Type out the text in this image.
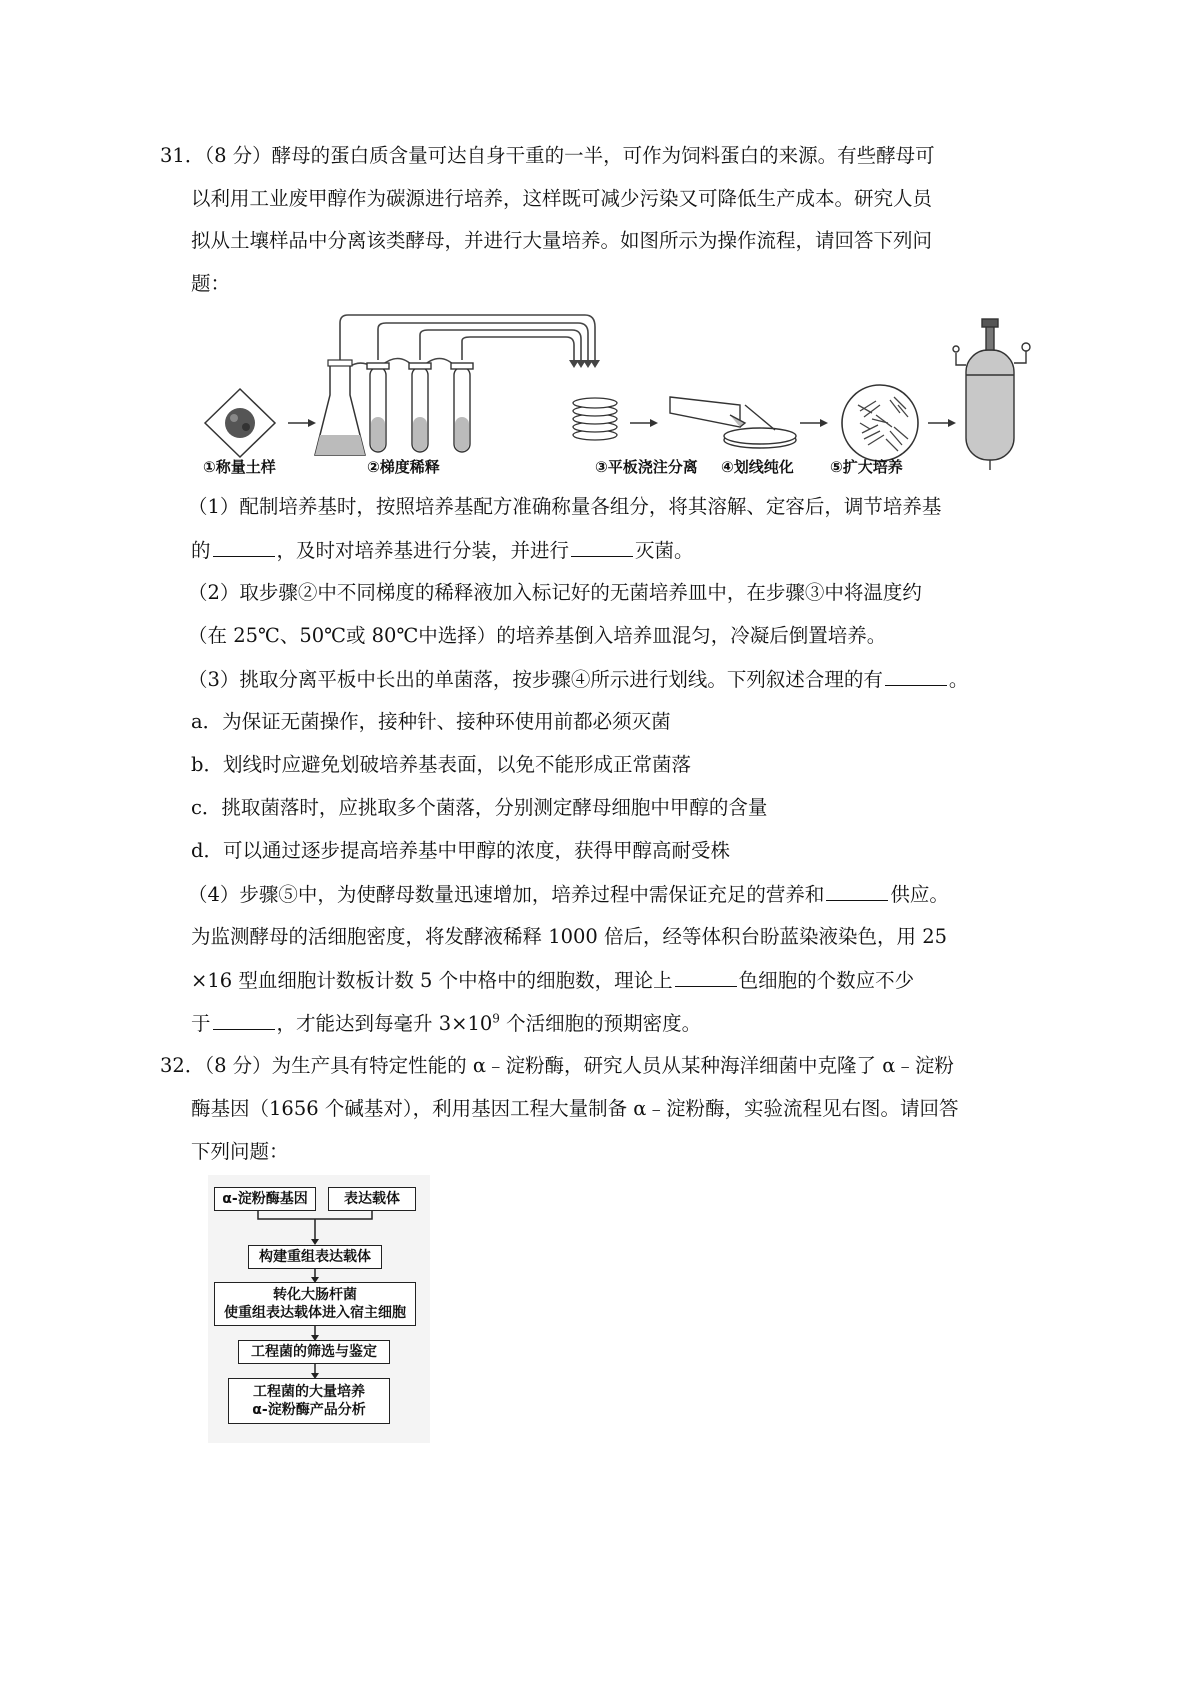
31．（8 分）酵母的蛋白质含量可达自身干重的一半，可作为饲料蛋白的来源。有些酵母可
以利用工业废甲醇作为碳源进行培养，这样既可减少污染又可降低生产成本。研究人员
拟从土壤样品中分离该类酵母，并进行大量培养。如图所示为操作流程，请回答下列问
题：
①称量土样	②梯度稀释	③平板浇注分离 ④划线纯化 ⑤扩大培养
（1）配制培养基时，按照培养基配方准确称量各组分，将其溶解、定容后，调节培养基
的	，及时对培养基进行分装，并进行	灭菌。
（2）取步骤②中不同梯度的稀释液加入标记好的无菌培养皿中，在步骤③中将温度约
（在 25℃、50℃或 80℃中选择）的培养基倒入培养皿混匀，冷凝后倒置培养。
（3）挑取分离平板中长出的单菌落，按步骤④所示进行划线。下列叙述合理的有	。
a．为保证无菌操作，接种针、接种环使用前都必须灭菌
b．划线时应避免划破培养基表面，以免不能形成正常菌落
c．挑取菌落时，应挑取多个菌落，分别测定酵母细胞中甲醇的含量
d．可以通过逐步提高培养基中甲醇的浓度，获得甲醇高耐受株
（4）步骤⑤中，为使酵母数量迅速增加，培养过程中需保证充足的营养和	供应。
为监测酵母的活细胞密度，将发酵液稀释 1000 倍后，经等体积台盼蓝染液染色，用 25
×16 型血细胞计数板计数 5 个中格中的细胞数，理论上	色细胞的个数应不少
于	，才能达到每毫升 $3\times 10^9$ 个活细胞的预期密度。
32．（8 分）为生产具有特定性能的 α﹣淀粉酶，研究人员从某种海洋细菌中克隆了 α﹣淀粉
酶基因（1656 个碱基对），利用基因工程大量制备 α﹣淀粉酶，实验流程见右图。请回答
下列问题：
α-淀粉酶基因	表达载体
构建重组表达载体
转化大肠杆菌
使重组表达载体进入宿主细胞
工程菌的筛选与鉴定
工程菌的大量培养
α-淀粉酶产品分析
